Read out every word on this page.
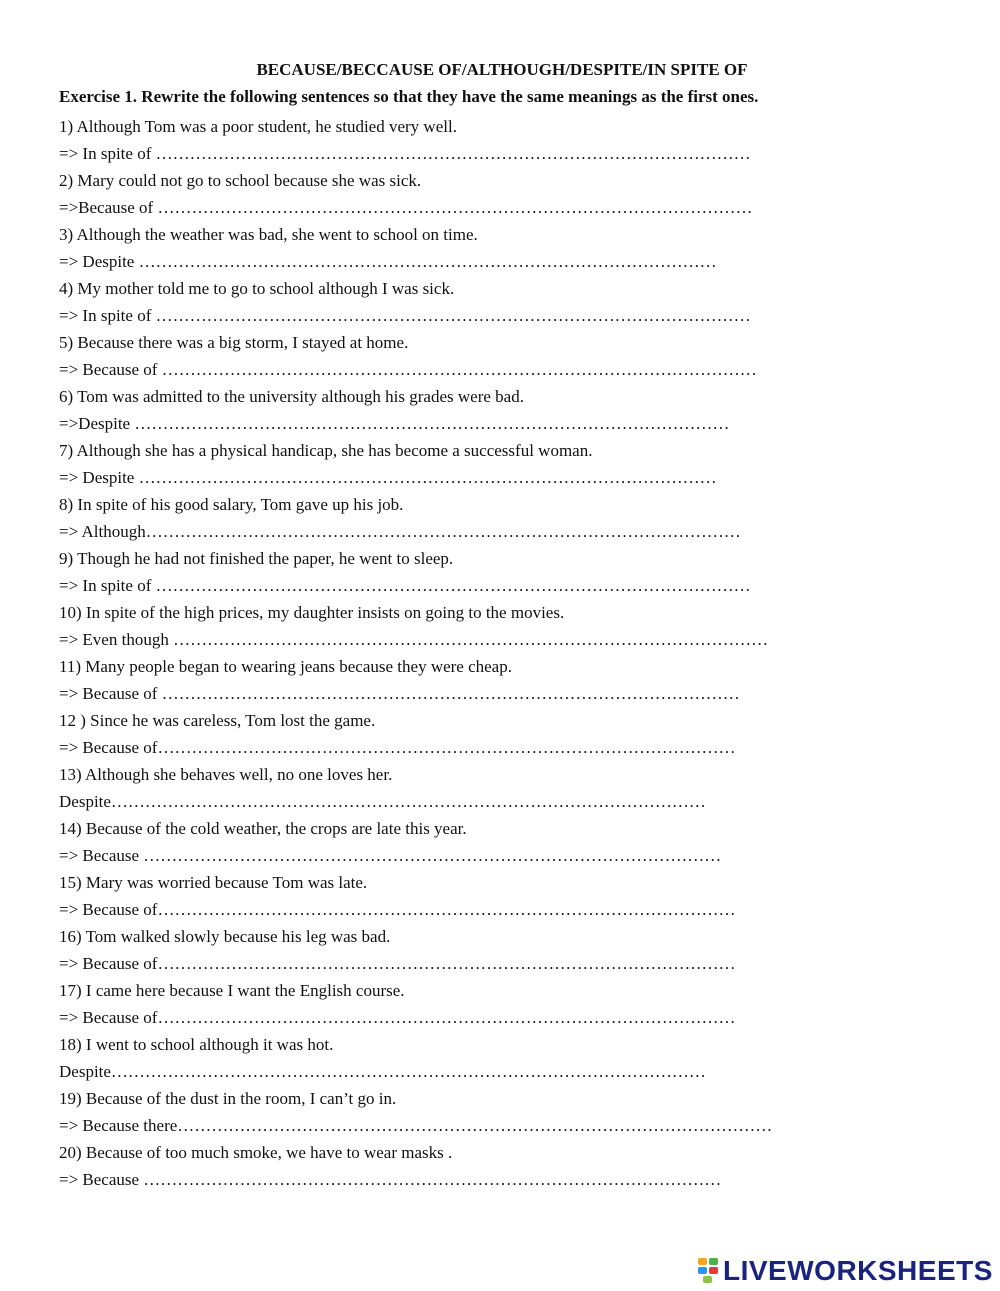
BECAUSE/BECCAUSE OF/ALTHOUGH/DESPITE/IN SPITE OF
Exercise 1. Rewrite the following sentences so that they have the same meanings as the first ones.
1) Although Tom was a poor student, he studied very well.
=> In spite of ……………………………………………………………………………………………
2) Mary could not go to school because she was sick.
=>Because of ……………………………………………………………………………………………
3) Although the weather was bad, she went to school on time.
=> Despite …………………………………………………………………………………………
4) My mother told me to go to school although I was sick.
=> In spite of ……………………………………………………………………………………………
5) Because there was a big storm, I stayed at home.
=> Because of ……………………………………………………………………………………………
6) Tom was admitted to the university although his grades were bad.
=>Despite ……………………………………………………………………………………………
7) Although she has a physical handicap, she has become a successful woman.
=> Despite …………………………………………………………………………………………
8) In spite of his good salary, Tom gave up his job.
=> Although……………………………………………………………………………………………
9) Though he had not finished the paper, he went to sleep.
=> In spite of ……………………………………………………………………………………………
10) In spite of the high prices, my daughter insists on going to the movies.
=> Even though ……………………………………………………………………………………………
11) Many people began to wearing jeans because they were cheap.
=> Because of …………………………………………………………………………………………
12 ) Since he was careless, Tom lost the game.
=> Because of…………………………………………………………………………………………
13) Although she behaves well, no one loves her.
Despite……………………………………………………………………………………………
14) Because of the cold weather, the crops are late this year.
=> Because …………………………………………………………………………………………
15) Mary was worried because Tom was late.
=> Because of…………………………………………………………………………………………
16) Tom walked slowly because his leg was bad.
=> Because of…………………………………………………………………………………………
17) I came here because I want the English course.
=> Because of…………………………………………………………………………………………
18) I went to school although it was hot.
Despite……………………………………………………………………………………………
19) Because of the dust in the room, I can’t go in.
=> Because there……………………………………………………………………………………………
20) Because of too much smoke, we have to wear masks .
=> Because …………………………………………………………………………………………
LIVEWORKSHEETS
